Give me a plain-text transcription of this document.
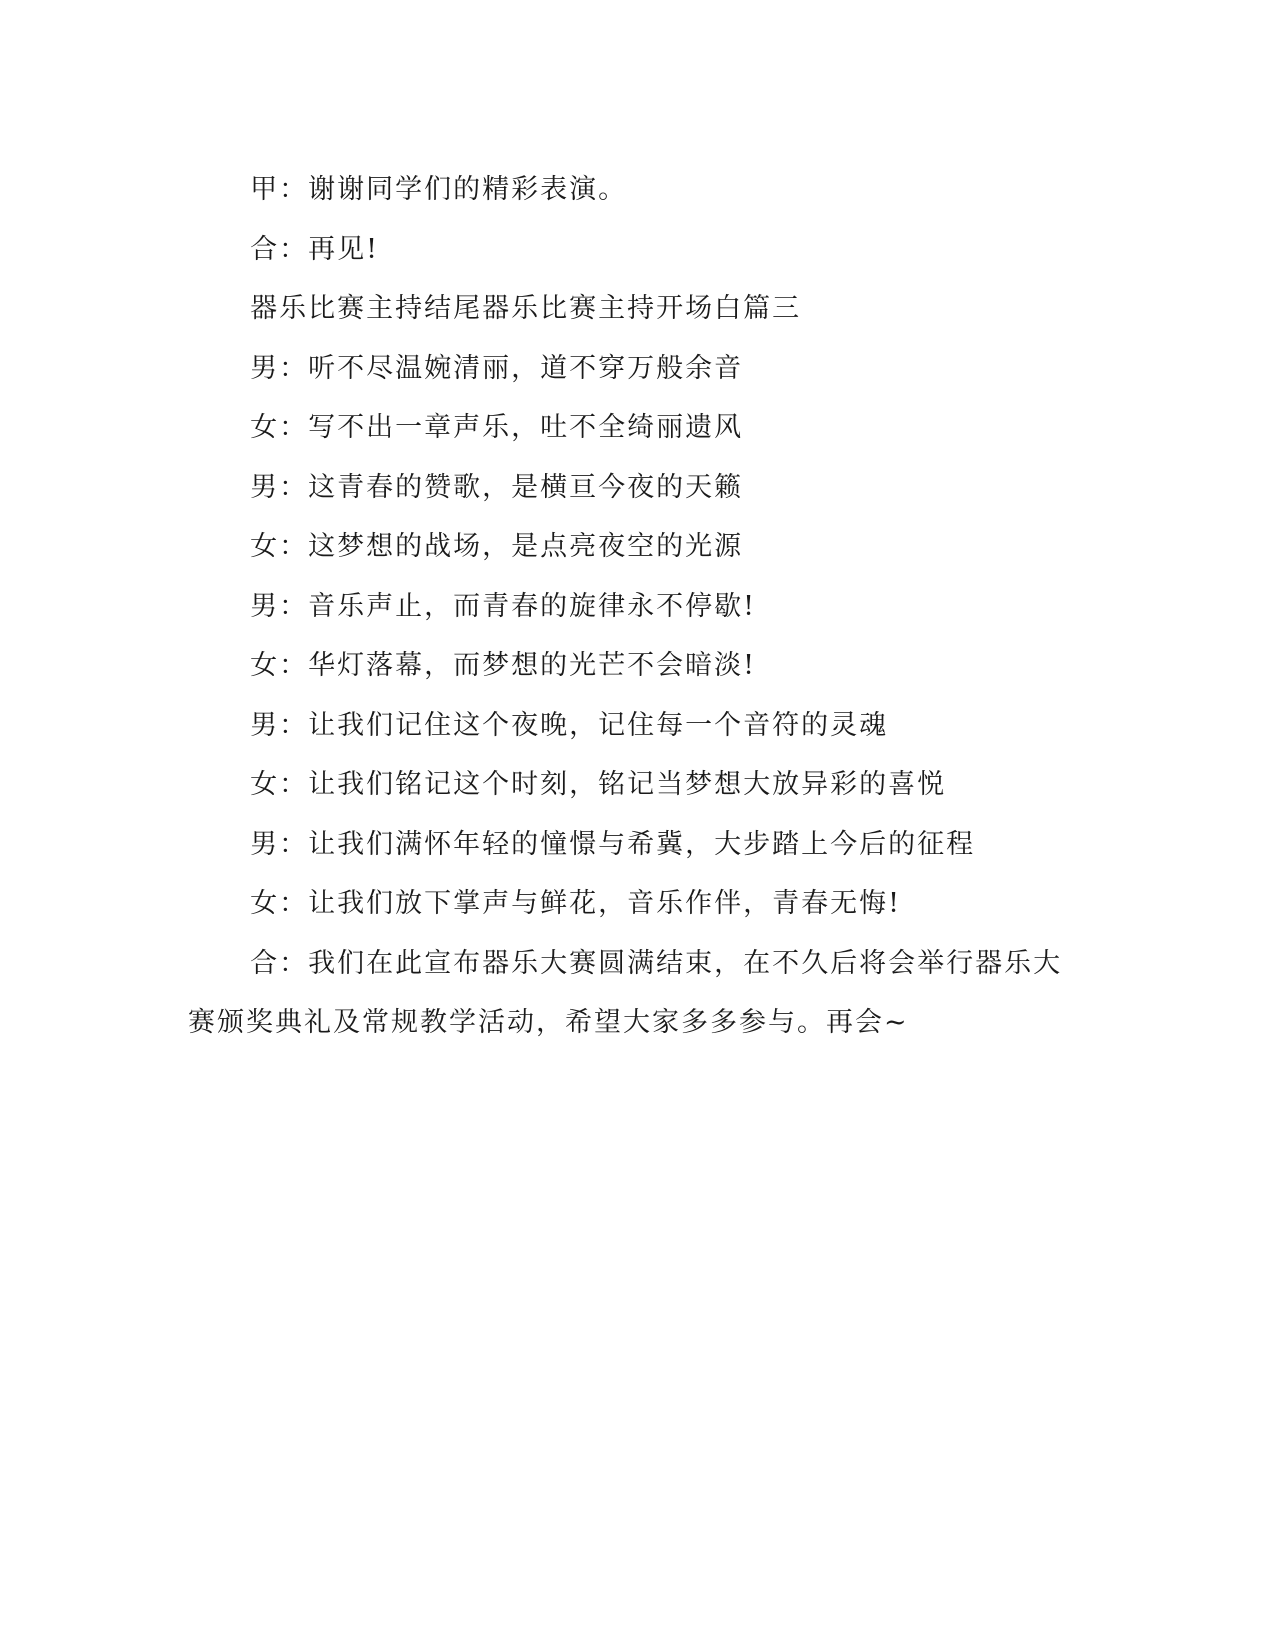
甲：谢谢同学们的精彩表演。

合：再见!

器乐比赛主持结尾器乐比赛主持开场白篇三

男：听不尽温婉清丽，道不穿万般余音

女：写不出一章声乐，吐不全绮丽遗风

男：这青春的赞歌，是横亘今夜的天籁

女：这梦想的战场，是点亮夜空的光源

男：音乐声止，而青春的旋律永不停歇!

女：华灯落幕，而梦想的光芒不会暗淡!

男：让我们记住这个夜晚，记住每一个音符的灵魂

女：让我们铭记这个时刻，铭记当梦想大放异彩的喜悦

男：让我们满怀年轻的憧憬与希冀，大步踏上今后的征程

女：让我们放下掌声与鲜花，音乐作伴，青春无悔!

合：我们在此宣布器乐大赛圆满结束，在不久后将会举行器乐大
赛颁奖典礼及常规教学活动，希望大家多多参与。再会~
